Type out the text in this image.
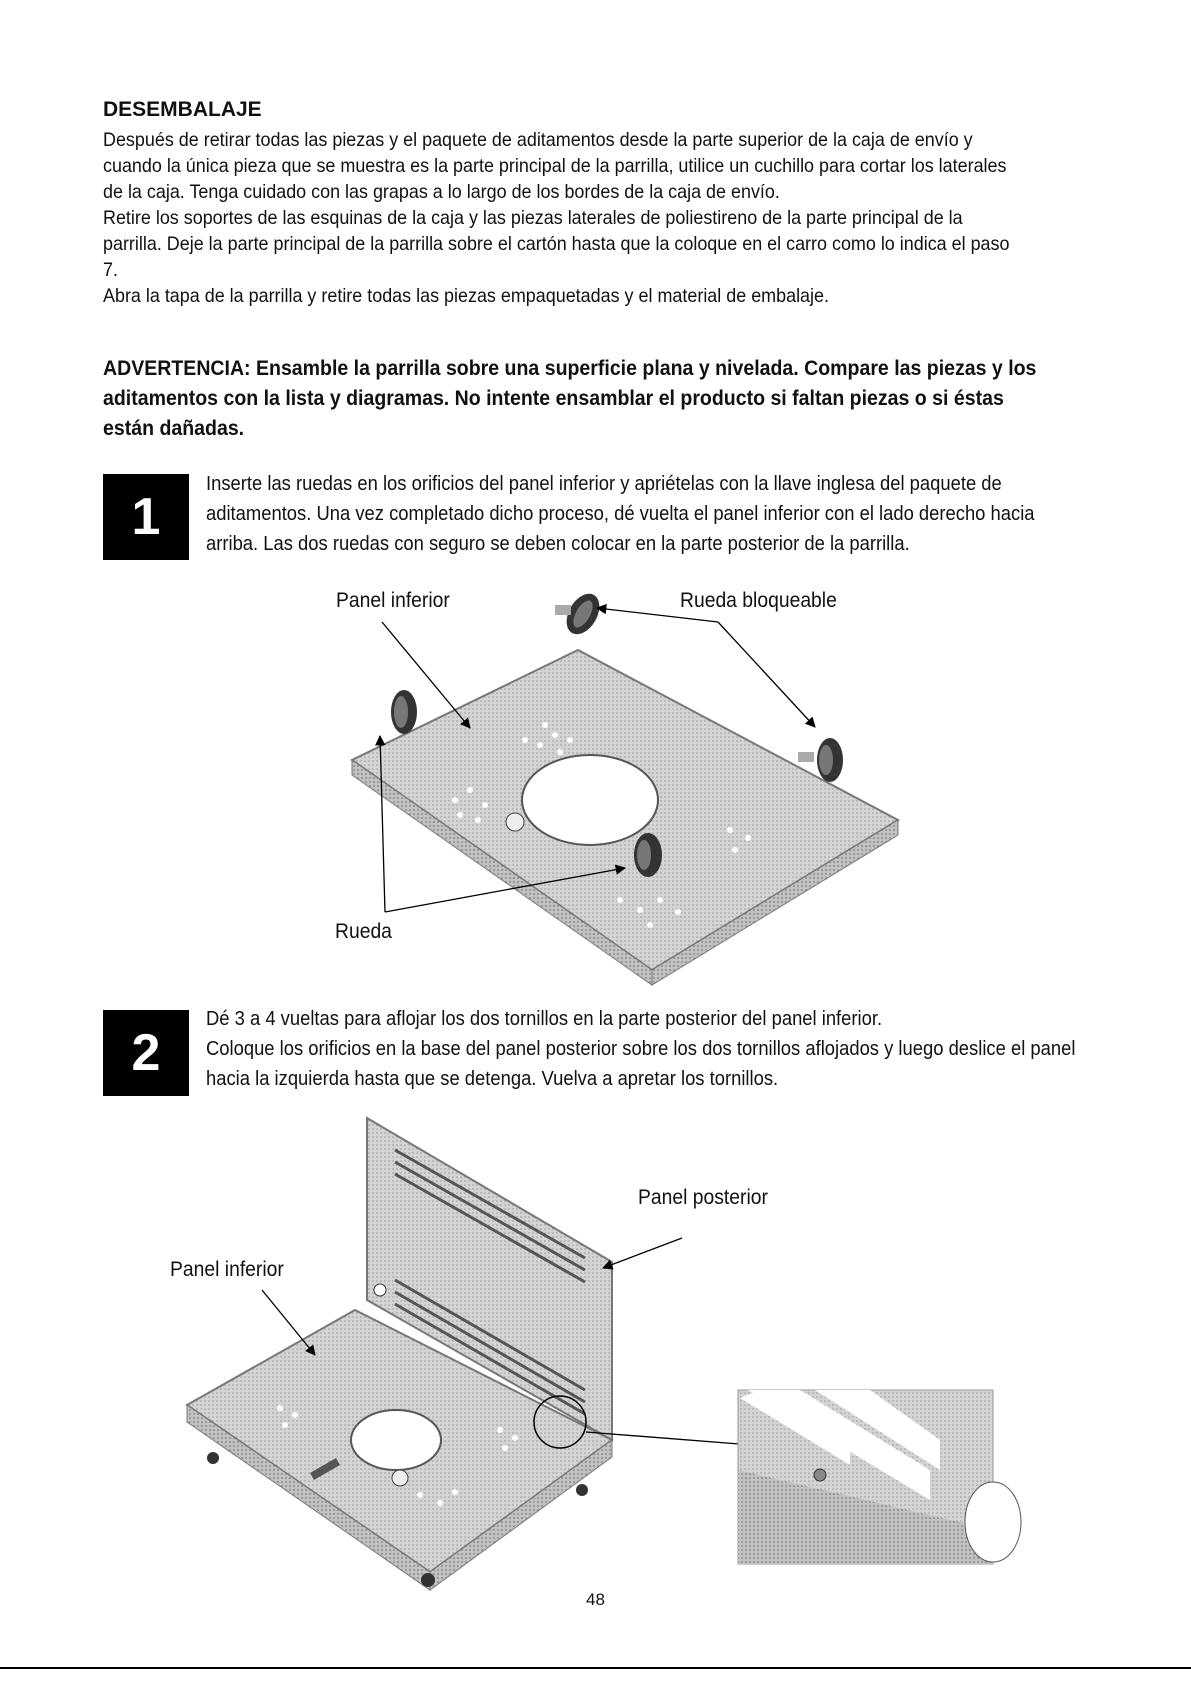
DESEMBALAJE

Después de retirar todas las piezas y el paquete de aditamentos desde la parte superior de la caja de envío y cuando la única pieza que se muestra es la parte principal de la parrilla, utilice un cuchillo para cortar los laterales de la caja. Tenga cuidado con las grapas a lo largo de los bordes de la caja de envío.

Retire los soportes de las esquinas de la caja y las piezas laterales de poliestireno de la parte principal de la parrilla. Deje la parte principal de la parrilla sobre el cartón hasta que la coloque en el carro como lo indica el paso 7.

Abra la tapa de la parrilla y retire todas las piezas empaquetadas y el material de embalaje.

ADVERTENCIA: Ensamble la parrilla sobre una superficie plana y nivelada. Compare las piezas y los aditamentos con la lista y diagramas. No intente ensamblar el producto si faltan piezas o si éstas están dañadas.
1

Inserte las ruedas en los orificios del panel inferior y apriételas con la llave inglesa del paquete de aditamentos. Una vez completado dicho proceso, dé vuelta el panel inferior con el lado derecho hacia arriba. Las dos ruedas con seguro se deben colocar en la parte posterior de la parrilla.

Panel inferior	Rueda bloqueable
Rueda
2

Dé 3 a 4 vueltas para aflojar los dos tornillos en la parte posterior del panel inferior.

Coloque los orificios en la base del panel posterior sobre los dos tornillos aflojados y luego deslice el panel hacia la izquierda hasta que se detenga. Vuelva a apretar los tornillos.

Panel posterior
Panel inferior
48
